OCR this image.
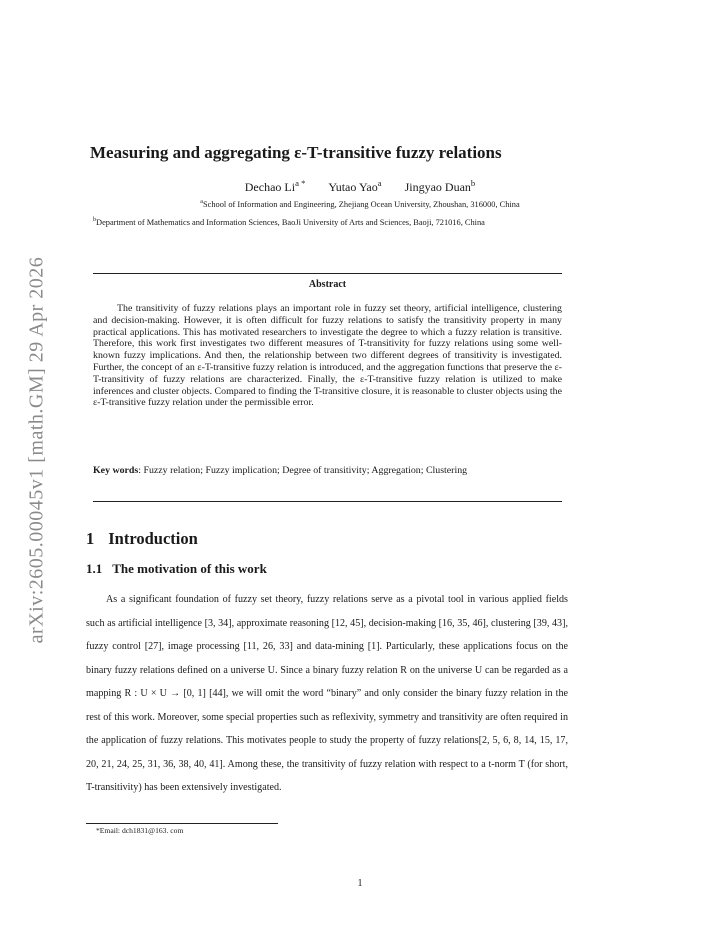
arXiv:2605.00045v1 [math.GM] 29 Apr 2026
Measuring and aggregating ε-T-transitive fuzzy relations
Dechao $Li^{a *}$ Yutao Yao$^a$ Jingyao Duan$^b$
$^a$School of Information and Engineering, Zhejiang Ocean University, Zhoushan, 316000, China
$^b$Department of Mathematics and Information Sciences, BaoJi University of Arts and Sciences, Baoji, 721016, China
Abstract

The transitivity of fuzzy relations plays an important role in fuzzy set theory, artificial intelligence, clustering and decision-making. However, it is often difficult for fuzzy relations to satisfy the transitivity property in many practical applications. This has motivated researchers to investigate the degree to which a fuzzy relation is transitive. Therefore, this work first investigates two different measures of T-transitivity for fuzzy relations using some well-known fuzzy implications. And then, the relationship between two different degrees of transitivity is investigated. Further, the concept of an ε-T-transitive fuzzy relation is introduced, and the aggregation functions that preserve the ε-T-transitivity of fuzzy relations are characterized. Finally, the ε-T-transitive fuzzy relation is utilized to make inferences and cluster objects. Compared to finding the T-transitive closure, it is reasonable to cluster objects using the ε-T-transitive fuzzy relation under the permissible error.

Key words: Fuzzy relation; Fuzzy implication; Degree of transitivity; Aggregation; Clustering

1 Introduction
1.1 The motivation of this work

As a significant foundation of fuzzy set theory, fuzzy relations serve as a pivotal tool in various applied fields such as artificial intelligence [3, 34], approximate reasoning [12, 45], decision-making [16, 35, 46], clustering [39, 43], fuzzy control [27], image processing [11, 26, 33] and data-mining [1]. Particularly, these applications focus on the binary fuzzy relations defined on a universe U. Since a binary fuzzy relation R on the universe U can be regarded as a mapping R : U × U → [0, 1] [44], we will omit the word “binary” and only consider the binary fuzzy relation in the rest of this work. Moreover, some special properties such as reflexivity, symmetry and transitivity are often required in the application of fuzzy relations. This motivates people to study the property of fuzzy relations[2, 5, 6, 8, 14, 15, 17, 20, 21, 24, 25, 31, 36, 38, 40, 41]. Among these, the transitivity of fuzzy relation with respect to a t-norm T (for short, T-transitivity) has been extensively investigated.

*Email: dch1831@163. com
1
